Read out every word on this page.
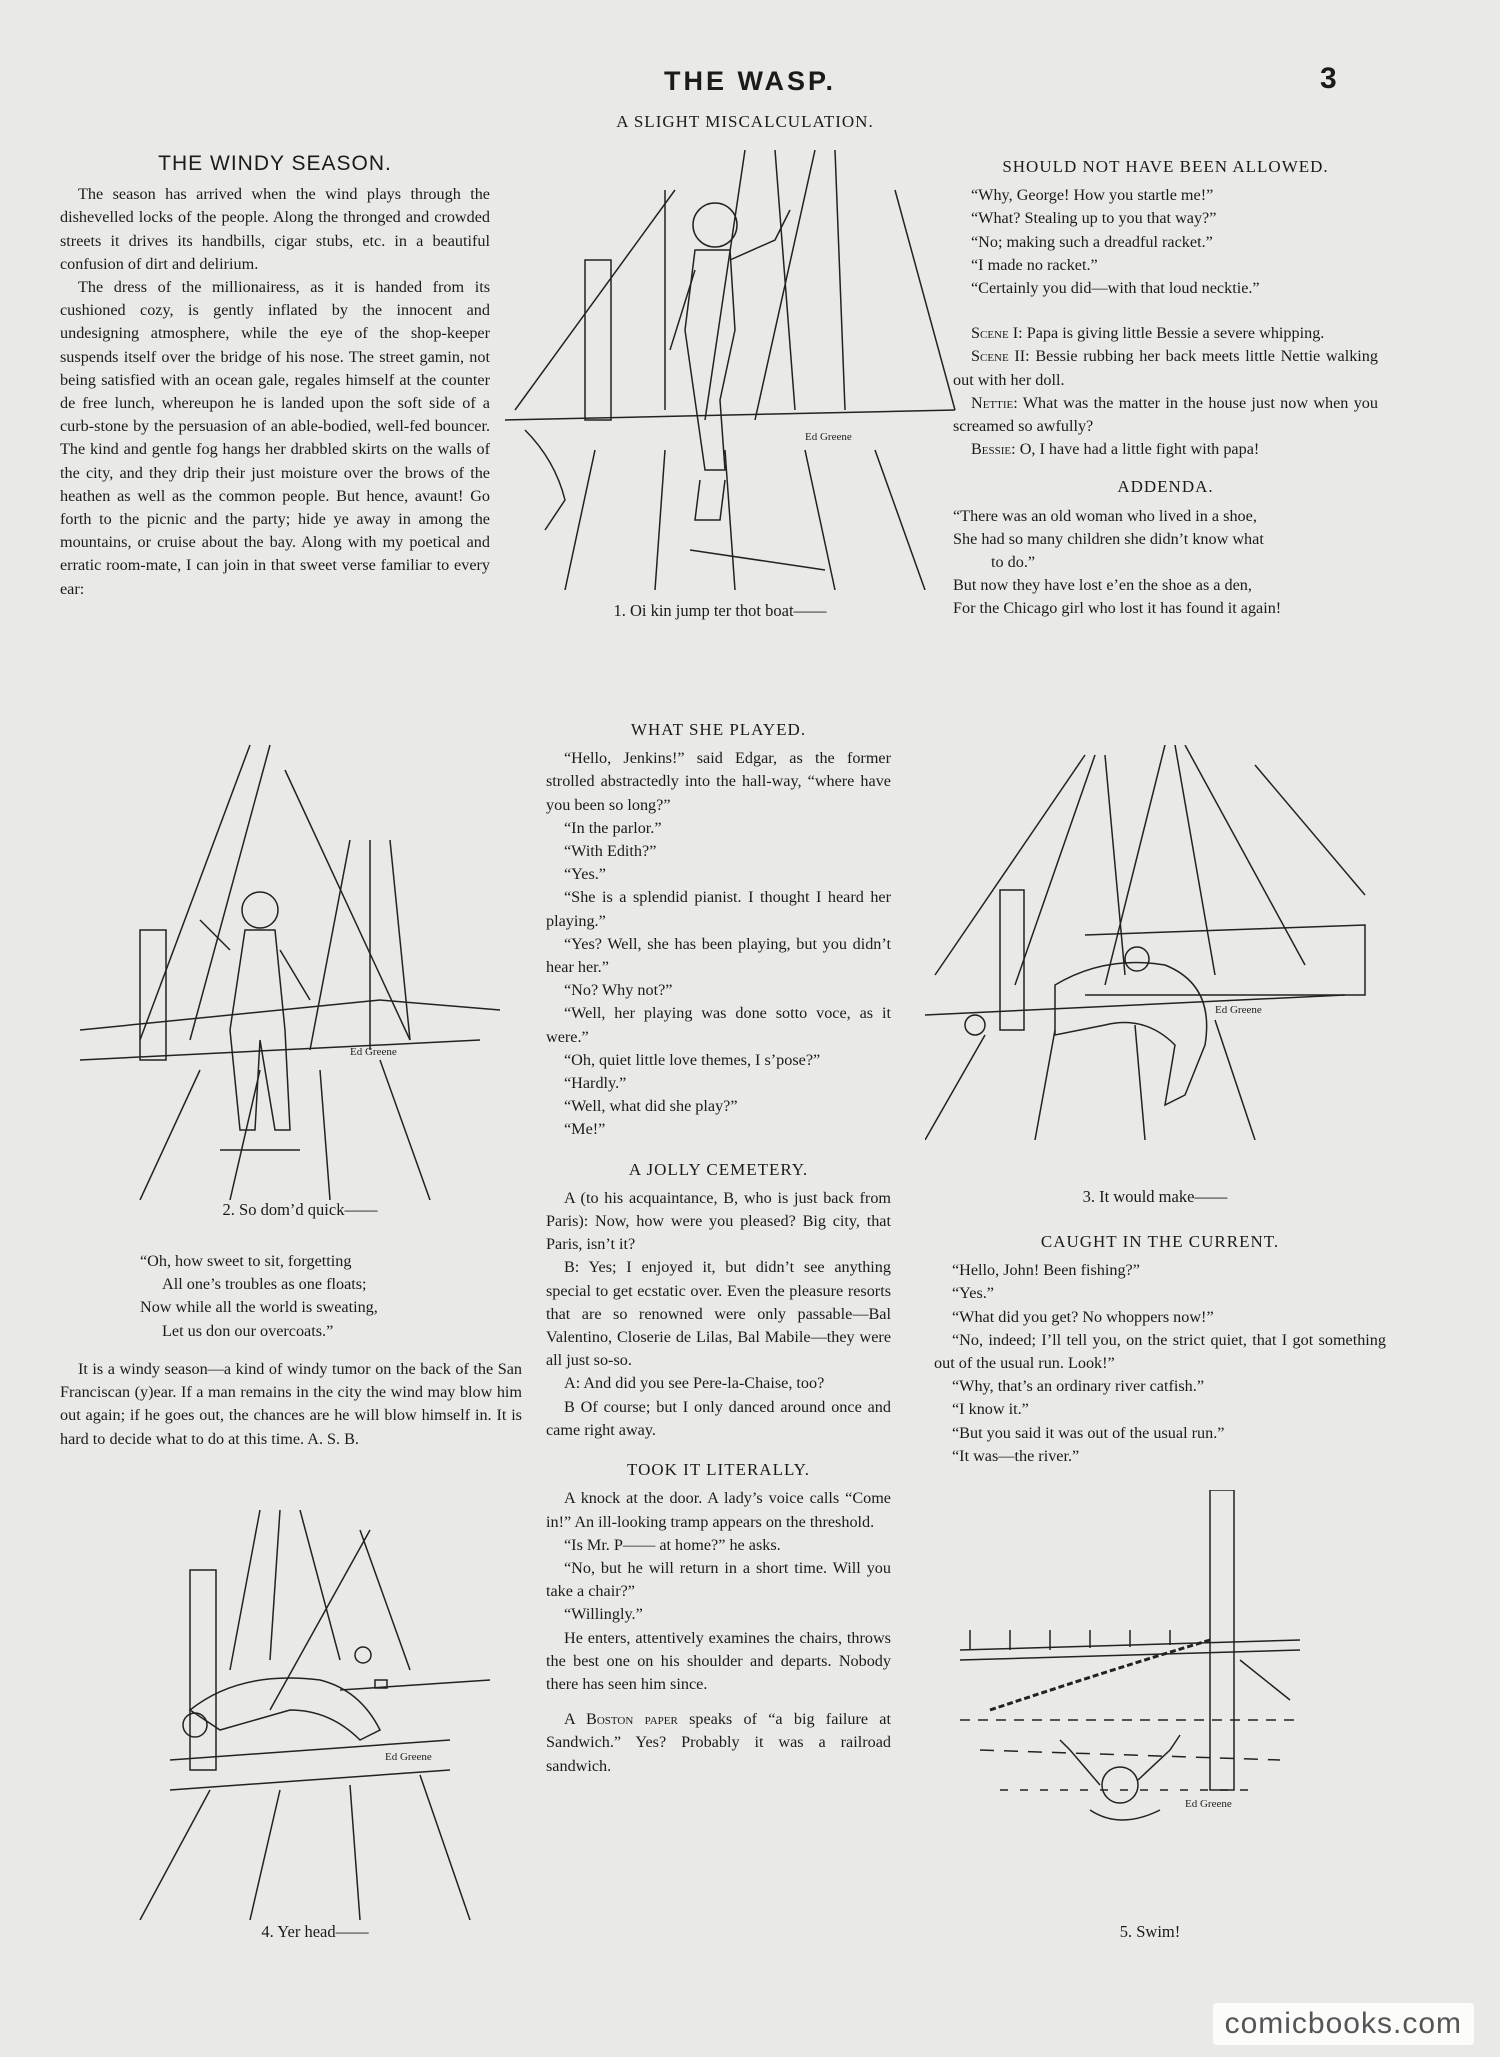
THE WASP.	3
THE WINDY SEASON.

The season has arrived when the wind plays through the dishevelled locks of the people. Along the thronged and crowded streets it drives its handbills, cigar stubs, etc. in a beautiful confusion of dirt and delirium.

The dress of the millionairess, as it is handed from its cushioned cozy, is gently inflated by the innocent and undesigning atmosphere, while the eye of the shop-keeper suspends itself over the bridge of his nose. The street gamin, not being satisfied with an ocean gale, regales himself at the counter de free lunch, whereupon he is landed upon the soft side of a curb-stone by the persuasion of an able-bodied, well-fed bouncer. The kind and gentle fog hangs her drabbled skirts on the walls of the city, and they drip their just moisture over the brows of the heathen as well as the common people. But hence, avaunt! Go forth to the picnic and the party; hide ye away in among the mountains, or cruise about the bay. Along with my poetical and erratic room-mate, I can join in that sweet verse familiar to every ear:

Ed Greene
2. So dom’d quick——

“Oh, how sweet to sit, forgetting

All one’s troubles as one floats;

Now while all the world is sweating,

Let us don our overcoats.”

It is a windy season—a kind of windy tumor on the back of the San Franciscan (y)ear. If a man remains in the city the wind may blow him out again; if he goes out, the chances are he will blow himself in. It is hard to decide what to do at this time. A. S. B.

Ed Greene
4. Yer head——
A SLIGHT MISCALCULATION.
Ed Greene
1. Oi kin jump ter thot boat——
WHAT SHE PLAYED.

“Hello, Jenkins!” said Edgar, as the former strolled abstractedly into the hall-way, “where have you been so long?”

“In the parlor.”

“With Edith?”

“Yes.”

“She is a splendid pianist. I thought I heard her playing.”

“Yes? Well, she has been playing, but you didn’t hear her.”

“No? Why not?”

“Well, her playing was done sotto voce, as it were.”

“Oh, quiet little love themes, I s’pose?”

“Hardly.”

“Well, what did she play?”

“Me!”

A JOLLY CEMETERY.

A (to his acquaintance, B, who is just back from Paris): Now, how were you pleased? Big city, that Paris, isn’t it?

B: Yes; I enjoyed it, but didn’t see anything special to get ecstatic over. Even the pleasure resorts that are so renowned were only passable—Bal Valentino, Closerie de Lilas, Bal Mabile—they were all just so-so.

A: And did you see Pere-la-Chaise, too?

B Of course; but I only danced around once and came right away.

TOOK IT LITERALLY.

A knock at the door. A lady’s voice calls “Come in!” An ill-looking tramp appears on the threshold.

“Is Mr. P—— at home?” he asks.

“No, but he will return in a short time. Will you take a chair?”

“Willingly.”

He enters, attentively examines the chairs, throws the best one on his shoulder and departs. Nobody there has seen him since.

A Boston paper speaks of “a big failure at Sandwich.” Yes? Probably it was a railroad sandwich.

SHOULD NOT HAVE BEEN ALLOWED.

“Why, George! How you startle me!”

“What? Stealing up to you that way?”

“No; making such a dreadful racket.”

“I made no racket.”

“Certainly you did—with that loud necktie.”

Scene I: Papa is giving little Bessie a severe whipping.

Scene II: Bessie rubbing her back meets little Nettie walking out with her doll.

Nettie: What was the matter in the house just now when you screamed so awfully?

Bessie: O, I have had a little fight with papa!

ADDENDA.

“There was an old woman who lived in a shoe,

She had so many children she didn’t know what

to do.”

But now they have lost e’en the shoe as a den,

For the Chicago girl who lost it has found it again!

Ed Greene
3. It would make——
CAUGHT IN THE CURRENT.

“Hello, John! Been fishing?”

“Yes.”

“What did you get? No whoppers now!”

“No, indeed; I’ll tell you, on the strict quiet, that I got something out of the usual run. Look!”

“Why, that’s an ordinary river catfish.”

“I know it.”

“But you said it was out of the usual run.”

“It was—the river.”

Ed Greene
5. Swim!
comicbooks.com
